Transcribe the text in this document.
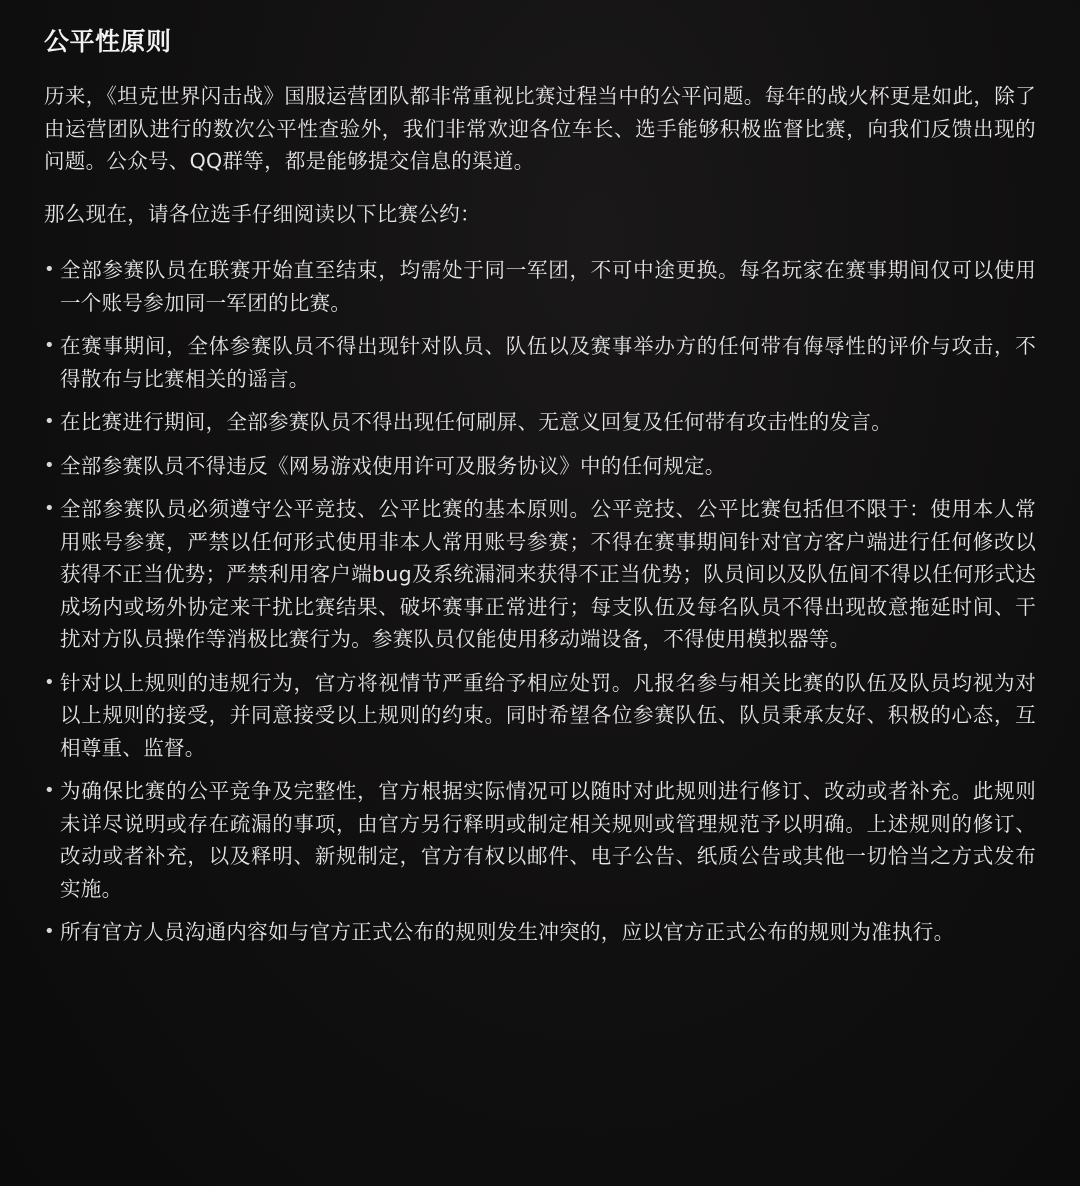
公平性原则

历来，《坦克世界闪击战》国服运营团队都非常重视比赛过程当中的公平问题。每年的战火杯更是如此，除了由运营团队进行的数次公平性查验外，我们非常欢迎各位车长、选手能够积极监督比赛，向我们反馈出现的问题。公众号、QQ群等，都是能够提交信息的渠道。

那么现在，请各位选手仔细阅读以下比赛公约：

• 全部参赛队员在联赛开始直至结束，均需处于同一军团，不可中途更换。每名玩家在赛事期间仅可以使用一个账号参加同一军团的比赛。
• 在赛事期间，全体参赛队员不得出现针对队员、队伍以及赛事举办方的任何带有侮辱性的评价与攻击，不得散布与比赛相关的谣言。
• 在比赛进行期间，全部参赛队员不得出现任何刷屏、无意义回复及任何带有攻击性的发言。
• 全部参赛队员不得违反《网易游戏使用许可及服务协议》中的任何规定。
• 全部参赛队员必须遵守公平竞技、公平比赛的基本原则。公平竞技、公平比赛包括但不限于：使用本人常用账号参赛，严禁以任何形式使用非本人常用账号参赛；不得在赛事期间针对官方客户端进行任何修改以获得不正当优势；严禁利用客户端bug及系统漏洞来获得不正当优势；队员间以及队伍间不得以任何形式达成场内或场外协定来干扰比赛结果、破坏赛事正常进行；每支队伍及每名队员不得出现故意拖延时间、干扰对方队员操作等消极比赛行为。参赛队员仅能使用移动端设备，不得使用模拟器等。
• 针对以上规则的违规行为，官方将视情节严重给予相应处罚。凡报名参与相关比赛的队伍及队员均视为对以上规则的接受，并同意接受以上规则的约束。同时希望各位参赛队伍、队员秉承友好、积极的心态，互相尊重、监督。
• 为确保比赛的公平竞争及完整性，官方根据实际情况可以随时对此规则进行修订、改动或者补充。此规则未详尽说明或存在疏漏的事项，由官方另行释明或制定相关规则或管理规范予以明确。上述规则的修订、改动或者补充，以及释明、新规制定，官方有权以邮件、电子公告、纸质公告或其他一切恰当之方式发布实施。
• 所有官方人员沟通内容如与官方正式公布的规则发生冲突的，应以官方正式公布的规则为准执行。
